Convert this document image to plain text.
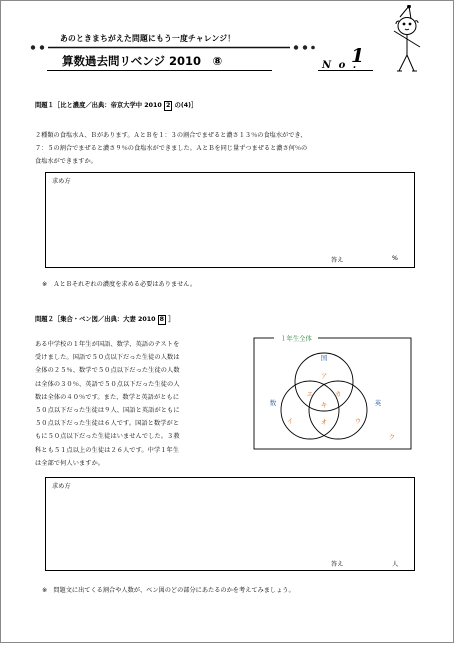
あのときまちがえた問題にもう一度チャレンジ！
算数過去問リベンジ 2010　⑧	N o .
1
問題１［比と濃度／出典：帝京大学中 2010 2 の(4)］
２種類の食塩水Ａ、Ｂがあります。ＡとＢを１：３の割合でまぜると濃さ１３％の食塩水ができ、
７：５の割合でまぜると濃さ９％の食塩水ができました。ＡとＢを同じ量ずつまぜると濃さ何％の
食塩水ができますか。
求め方
答え	%
※　ＡとＢそれぞれの濃度を求める必要はありません。
問題２［集合・ベン図／出典：大妻 2010 8 ］
ある中学校の１年生が国語、数学、英語のテストを
受けました。国語で５０点以下だった生徒の人数は
全体の２５％、数学で５０点以下だった生徒の人数
は全体の３０％、英語で５０点以下だった生徒の人
数は全体の４０％です。また、数学と英語がともに
５０点以下だった生徒は９人、国語と英語がともに
５０点以下だった生徒は６人です。国語と数学がと
もに５０点以下だった生徒はいませんでした。３教
科とも５１点以上の生徒は２６人です。中学１年生
は全部で何人いますか。
１年生全体
国
数	英
ア
イ	ウ
エ
オ
カ
キ
ク
求め方
答え	人
※　問題文に出てくる割合や人数が、ベン図のどの部分にあたるのかを考えてみましょう。
